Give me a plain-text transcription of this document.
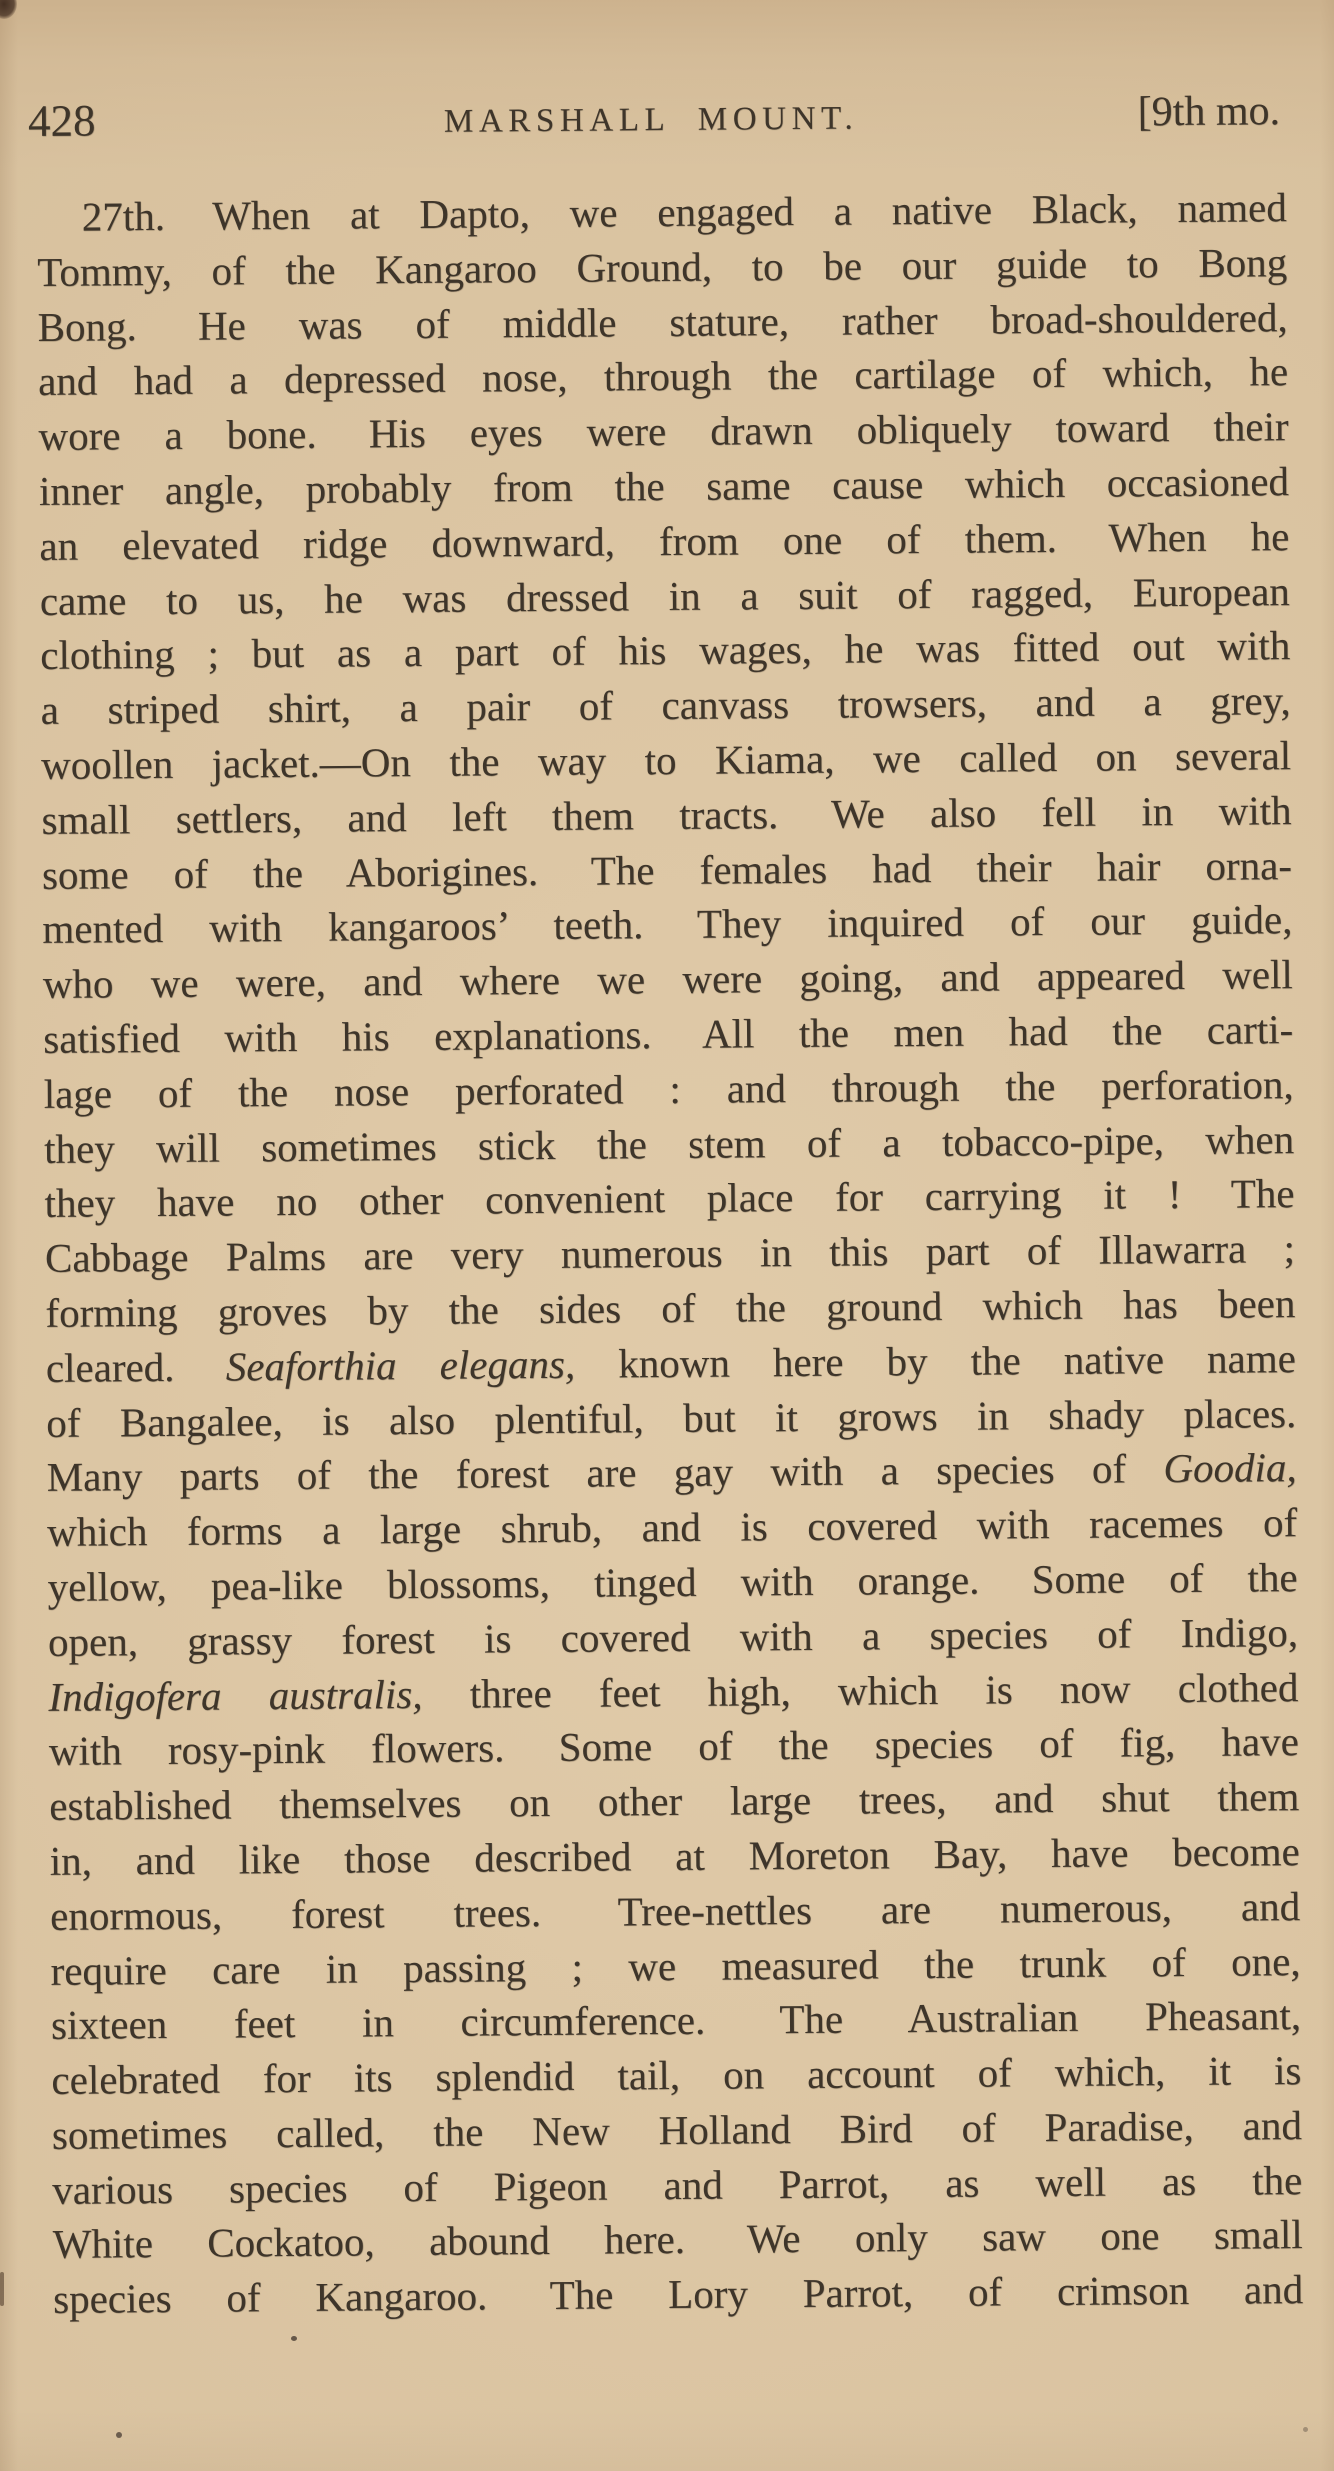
428	MARSHALL MOUNT.	[9th mo.
27th.  When at Dapto, we engaged a native Black, named
Tommy, of the Kangaroo Ground, to be our guide to Bong
Bong.  He was of middle stature, rather broad-shouldered,
and had a depressed nose, through the cartilage of which, he
wore a bone.  His eyes were drawn obliquely toward their
inner angle, probably from the same cause which occasioned
an elevated ridge downward, from one of them.  When he
came to us, he was dressed in a suit of ragged, European
clothing ; but as a part of his wages, he was fitted out with
a striped shirt, a pair of canvass trowsers, and a grey,
woollen jacket.—On the way to Kiama, we called on several
small settlers, and left them tracts.  We also fell in with
some of the Aborigines.  The females had their hair orna-
mented with kangaroos’ teeth.  They inquired of our guide,
who we were, and where we were going, and appeared well
satisfied with his explanations.  All the men had the carti-
lage of the nose perforated : and through the perforation,
they will sometimes stick the stem of a tobacco-pipe, when
they have no other convenient place for carrying it !  The
Cabbage Palms are very numerous in this part of Illawarra ;
forming groves by the sides of the ground which has been
cleared.  Seaforthia elegans, known here by the native name
of Bangalee, is also plentiful, but it grows in shady places.
Many parts of the forest are gay with a species of Goodia,
which forms a large shrub, and is covered with racemes of
yellow, pea-like blossoms, tinged with orange.  Some of the
open, grassy forest is covered with a species of Indigo,
Indigofera australis, three feet high, which is now clothed
with rosy-pink flowers.  Some of the species of fig, have
established themselves on other large trees, and shut them
in, and like those described at Moreton Bay, have become
enormous, forest trees.  Tree-nettles are numerous, and
require care in passing ; we measured the trunk of one,
sixteen feet in circumference.  The Australian Pheasant,
celebrated for its splendid tail, on account of which, it is
sometimes called, the New Holland Bird of Paradise, and
various species of Pigeon and Parrot, as well as the
White Cockatoo, abound here.  We only saw one small
species of Kangaroo.  The Lory Parrot, of crimson and
